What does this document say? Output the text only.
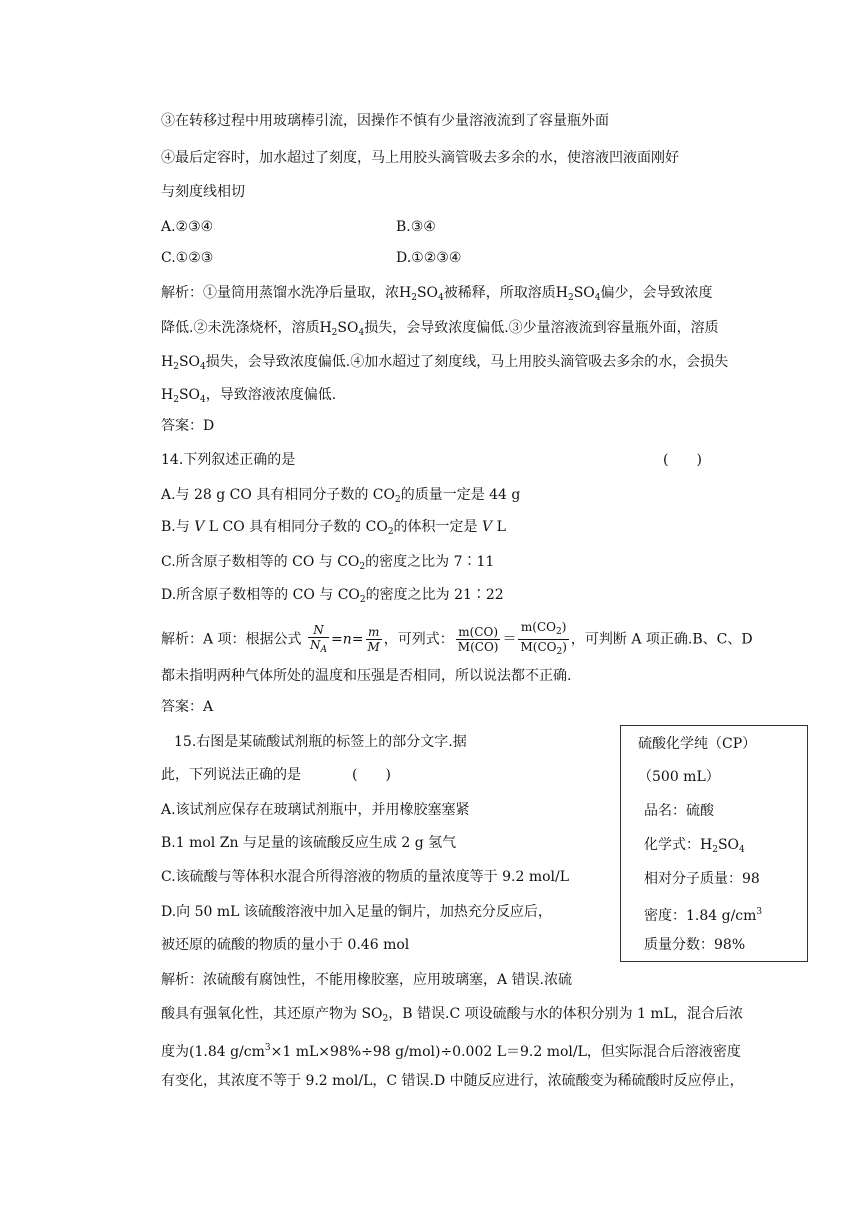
③在转移过程中用玻璃棒引流，因操作不慎有少量溶液流到了容量瓶外面
④最后定容时，加水超过了刻度，马上用胶头滴管吸去多余的水，使溶液凹液面刚好
与刻度线相切
A.②③④	B.③④
C.①②③	D.①②③④
解析：①量筒用蒸馏水洗净后量取，浓$H_2SO_4$被稀释，所取溶质$H_2SO_4$偏少，会导致浓度
降低.②未洗涤烧杯，溶质$H_2SO_4$损失，会导致浓度偏低.③少量溶液流到容量瓶外面，溶质
$H_2SO_4$损失，会导致浓度偏低.④加水超过了刻度线，马上用胶头滴管吸去多余的水，会损失
$H_2SO_4$，导致溶液浓度偏低.
答案：D
14.下列叙述正确的是	(　　)
A.与 28 g CO 具有相同分子数的 $CO_2$的质量一定是 44 g
B.与 V L CO 具有相同分子数的 $CO_2$的体积一定是 V L
C.所含原子数相等的 CO 与 $CO_2$的密度之比为 7∶11
D.所含原子数相等的 CO 与 $CO_2$的密度之比为 21∶22
解析：A 项：根据公式 $\frac{N}{N_A} =n= \frac{m}{M}$ ，可列式： $\frac{m(CO)}{M(CO)} = \frac{m(CO_2)}{M(CO_2)}$ ，可判断 A 项正确.B、C、D
都未指明两种气体所处的温度和压强是否相同，所以说法都不正确.
答案：A
15.右图是某硫酸试剂瓶的标签上的部分文字.据
此，下列说法正确的是	(　　)
A.该试剂应保存在玻璃试剂瓶中，并用橡胶塞塞紧
B.1 mol Zn 与足量的该硫酸反应生成 2 g 氢气
C.该硫酸与等体积水混合所得溶液的物质的量浓度等于 9.2 mol/L
D.向 50 mL 该硫酸溶液中加入足量的铜片，加热充分反应后，
被还原的硫酸的物质的量小于 0.46 mol
硫酸化学纯（CP）
（500 mL）
品名：硫酸
化学式：$H_2SO_4$
相对分子质量：98
密度：1.84 $g/cm^3$
质量分数：98%
解析：浓硫酸有腐蚀性，不能用橡胶塞，应用玻璃塞，A 错误.浓硫
酸具有强氧化性，其还原产物为 $SO_2$，B 错误.C 项设硫酸与水的体积分别为 1 mL，混合后浓
度为(1.84 $g/cm^3\times 1$ mL×98%÷98 g/mol)÷0.002 L＝9.2 mol/L，但实际混合后溶液密度
有变化，其浓度不等于 9.2 mol/L，C 错误.D 中随反应进行，浓硫酸变为稀硫酸时反应停止，
